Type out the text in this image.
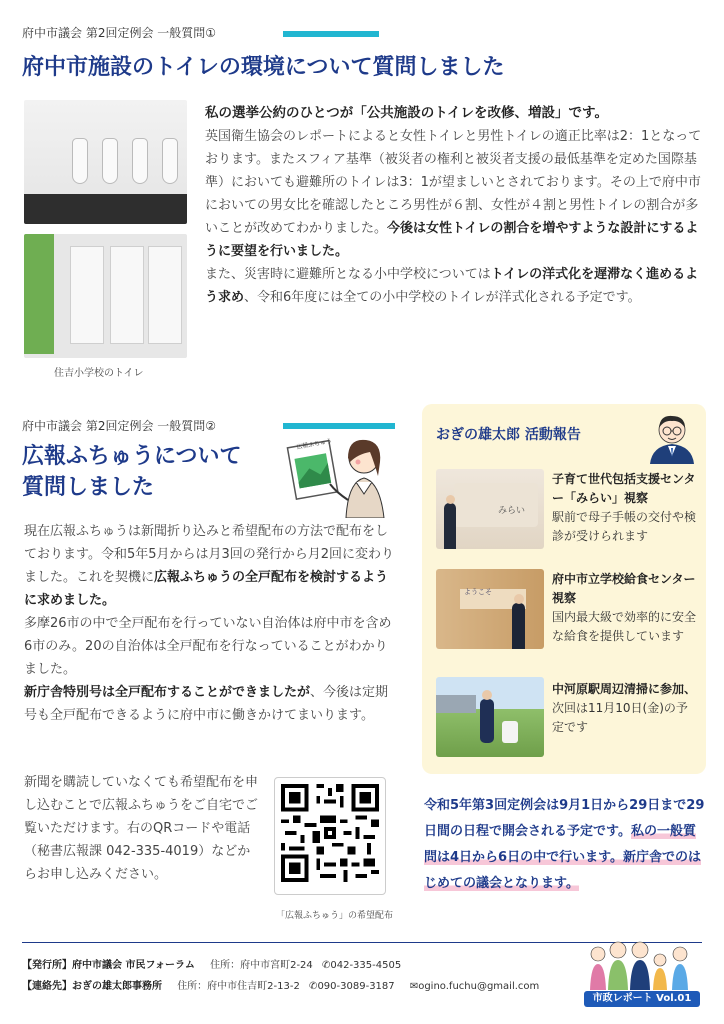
府中市議会 第2回定例会 一般質問①
府中市施設のトイレの環境について質問しました
住吉小学校のトイレ
私の選挙公約のひとつが「公共施設のトイレを改修、増設」です。
英国衛生協会のレポートによると女性トイレと男性トイレの適正比率は2：1となっております。またスフィア基準（被災者の権利と被災者支援の最低基準を定めた国際基準）においても避難所のトイレは3：1が望ましいとされております。その上で府中市においての男女比を確認したところ男性が６割、女性が４割と男性トイレの割合が多いことが改めてわかりました。今後は女性トイレの割合を増やすような設計にするように要望を行いました。
また、災害時に避難所となる小中学校についてはトイレの洋式化を遅滞なく進めるよう求め、令和6年度には全ての小中学校のトイレが洋式化される予定です。
府中市議会 第2回定例会 一般質問②
広報ふちゅうについて
質問しました
広報ふちゅう
現在広報ふちゅうは新聞折り込みと希望配布の方法で配布をしております。令和5年5月からは月3回の発行から月2回に変わりました。これを契機に広報ふちゅうの全戸配布を検討するように求めました。
多摩26市の中で全戸配布を行っていない自治体は府中市を含め6市のみ。20の自治体は全戸配布を行なっていることがわかりました。
新庁舎特別号は全戸配布することができましたが、今後は定期号も全戸配布できるように府中市に働きかけてまいります。
新聞を購読していなくても希望配布を申し込むことで広報ふちゅうをご自宅でご覧いただけます。右のQRコードや電話（秘書広報課 042-335-4019）などからお申し込みください。
「広報ふちゅう」の希望配布
おぎの雄太郎 活動報告
みらい
子育て世代包括支援センター「みらい」視察
駅前で母子手帳の交付や検診が受けられます
ようこそ
府中市立学校給食センター視察
国内最大級で効率的に安全な給食を提供しています
中河原駅周辺清掃に参加、次回は11月10日(金)の予定です
令和5年第3回定例会は9月1日から29日まで29日間の日程で開会される予定です。私の一般質問は4日から6日の中で行います。新庁舎でのはじめての議会となります。
【発行所】府中市議会 市民フォーラム 住所：府中市宮町2-24 ✆042-335-4505
【連絡先】おぎの雄太郎事務所 住所：府中市住吉町2-13-2 ✆090-3089-3187 ✉ogino.fuchu@gmail.com
市政レポート Vol.01
